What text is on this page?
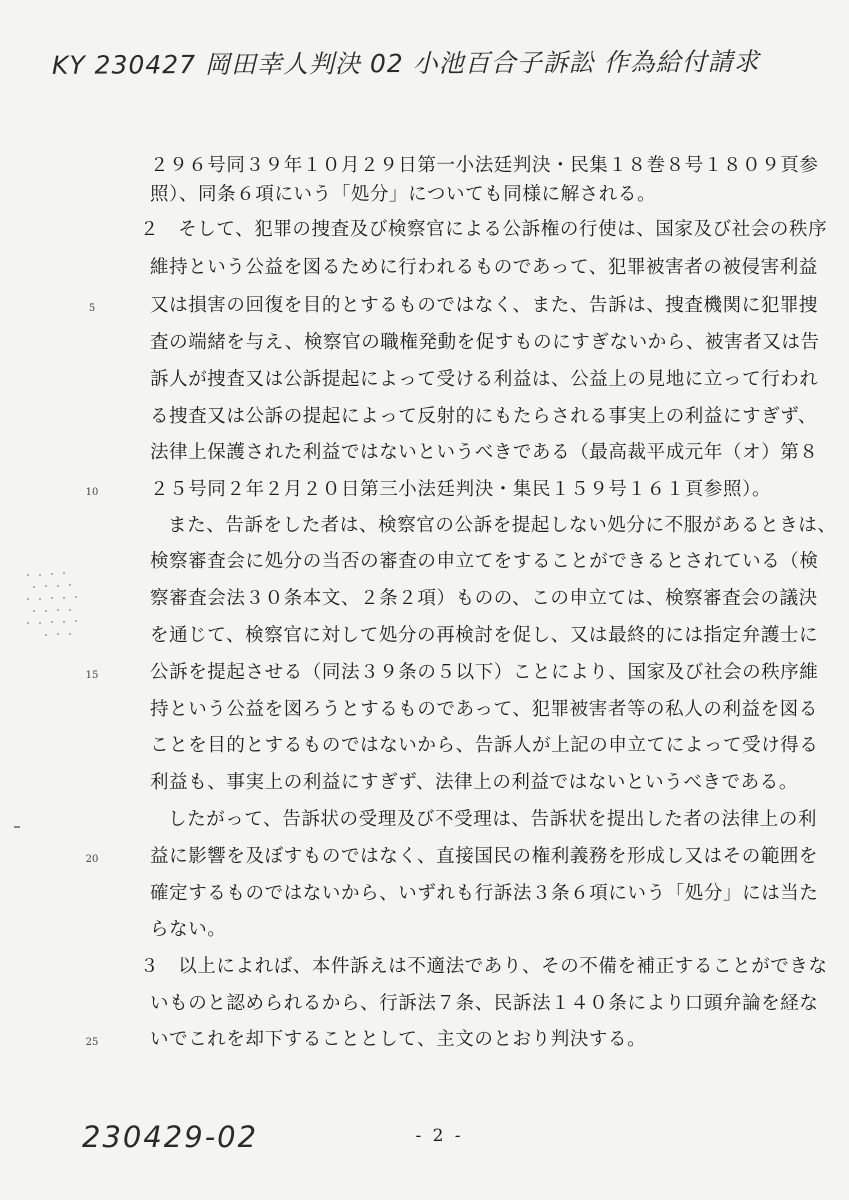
KY 230427 岡田幸人判決 02 小池百合子訴訟 作為給付請求
２９６号同３９年１０月２９日第一小法廷判決・民集１８巻８号１８０９頁参
照）、同条６項にいう「処分」についても同様に解される。
２　そして、犯罪の捜査及び検察官による公訴権の行使は、国家及び社会の秩序
維持という公益を図るために行われるものであって、犯罪被害者の被侵害利益
又は損害の回復を目的とするものではなく、また、告訴は、捜査機関に犯罪捜
査の端緒を与え、検察官の職権発動を促すものにすぎないから、被害者又は告
訴人が捜査又は公訴提起によって受ける利益は、公益上の見地に立って行われ
る捜査又は公訴の提起によって反射的にもたらされる事実上の利益にすぎず、
法律上保護された利益ではないというべきである（最高裁平成元年（オ）第８
２５号同２年２月２０日第三小法廷判決・集民１５９号１６１頁参照）。
また、告訴をした者は、検察官の公訴を提起しない処分に不服があるときは、
検察審査会に処分の当否の審査の申立てをすることができるとされている（検
察審査会法３０条本文、２条２項）ものの、この申立ては、検察審査会の議決
を通じて、検察官に対して処分の再検討を促し、又は最終的には指定弁護士に
公訴を提起させる（同法３９条の５以下）ことにより、国家及び社会の秩序維
持という公益を図ろうとするものであって、犯罪被害者等の私人の利益を図る
ことを目的とするものではないから、告訴人が上記の申立てによって受け得る
利益も、事実上の利益にすぎず、法律上の利益ではないというべきである。
したがって、告訴状の受理及び不受理は、告訴状を提出した者の法律上の利
益に影響を及ぼすものではなく、直接国民の権利義務を形成し又はその範囲を
確定するものではないから、いずれも行訴法３条６項にいう「処分」には当た
らない。
３　以上によれば、本件訴えは不適法であり、その不備を補正することができな
いものと認められるから、行訴法７条、民訴法１４０条により口頭弁論を経な
いでこれを却下することとして、主文のとおり判決する。
5
10
15
20
25
230429-02	- 2 -
